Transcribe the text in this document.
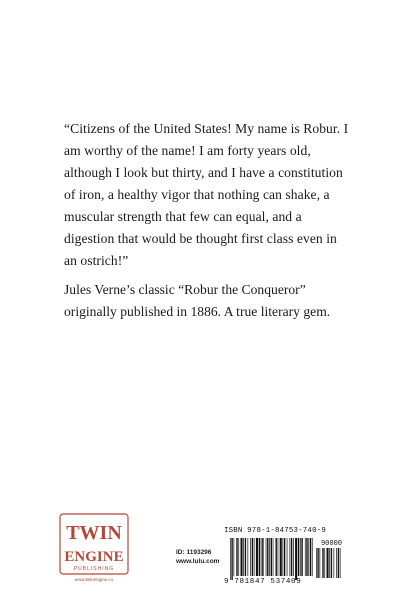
“Citizens of the United States! My name is Robur. I am worthy of the name! I am forty years old, although I look but thirty, and I have a constitution of iron, a healthy vigor that nothing can shake, a muscular strength that few can equal, and a digestion that would be thought first class even in an ostrich!”

Jules Verne’s classic “Robur the Conqueror” originally published in 1886. A true literary gem.

TWIN
ENGINE
PUBLISHING
www.twinengine.co
ID: 1193296
www.lulu.com
ISBN 978-1-84753-740-9
90000
9 781847 537409
